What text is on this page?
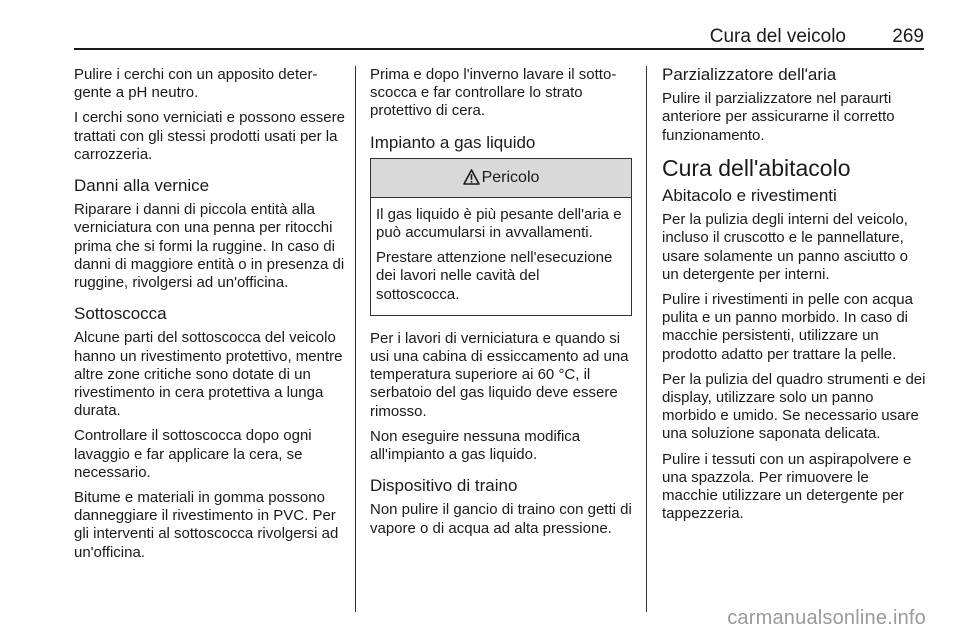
Cura del veicolo 269

Pulire i cerchi con un apposito detergente a pH neutro.

I cerchi sono verniciati e possono essere trattati con gli stessi prodotti usati per la carrozzeria.

Danni alla vernice

Riparare i danni di piccola entità alla verniciatura con una penna per ritocchi prima che si formi la ruggine. In caso di danni di maggiore entità o in presenza di ruggine, rivolgersi ad un'officina.

Sottoscocca

Alcune parti del sottoscocca del veicolo hanno un rivestimento protettivo, mentre altre zone critiche sono dotate di un rivestimento in cera protettiva a lunga durata.

Controllare il sottoscocca dopo ogni lavaggio e far applicare la cera, se necessario.

Bitume e materiali in gomma possono danneggiare il rivestimento in PVC. Per gli interventi al sottoscocca rivolgersi ad un'officina.

Prima e dopo l'inverno lavare il sottoscocca e far controllare lo strato protettivo di cera.

Impianto a gas liquido
Pericolo

Il gas liquido è più pesante dell'aria e può accumularsi in avvallamenti.

Prestare attenzione nell'esecuzione dei lavori nelle cavità del sottoscocca.

Per i lavori di verniciatura e quando si usi una cabina di essiccamento ad una temperatura superiore ai 60 °C, il serbatoio del gas liquido deve essere rimosso.

Non eseguire nessuna modifica all'impianto a gas liquido.

Dispositivo di traino

Non pulire il gancio di traino con getti di vapore o di acqua ad alta pressione.

Parzializzatore dell'aria

Pulire il parzializzatore nel paraurti anteriore per assicurarne il corretto funzionamento.

Cura dell'abitacolo
Abitacolo e rivestimenti

Per la pulizia degli interni del veicolo, incluso il cruscotto e le pannellature, usare solamente un panno asciutto o un detergente per interni.

Pulire i rivestimenti in pelle con acqua pulita e un panno morbido. In caso di macchie persistenti, utilizzare un prodotto adatto per trattare la pelle.

Per la pulizia del quadro strumenti e dei display, utilizzare solo un panno morbido e umido. Se necessario usare una soluzione saponata delicata.

Pulire i tessuti con un aspirapolvere e una spazzola. Per rimuovere le macchie utilizzare un detergente per tappezzeria.

carmanualsonline.info
